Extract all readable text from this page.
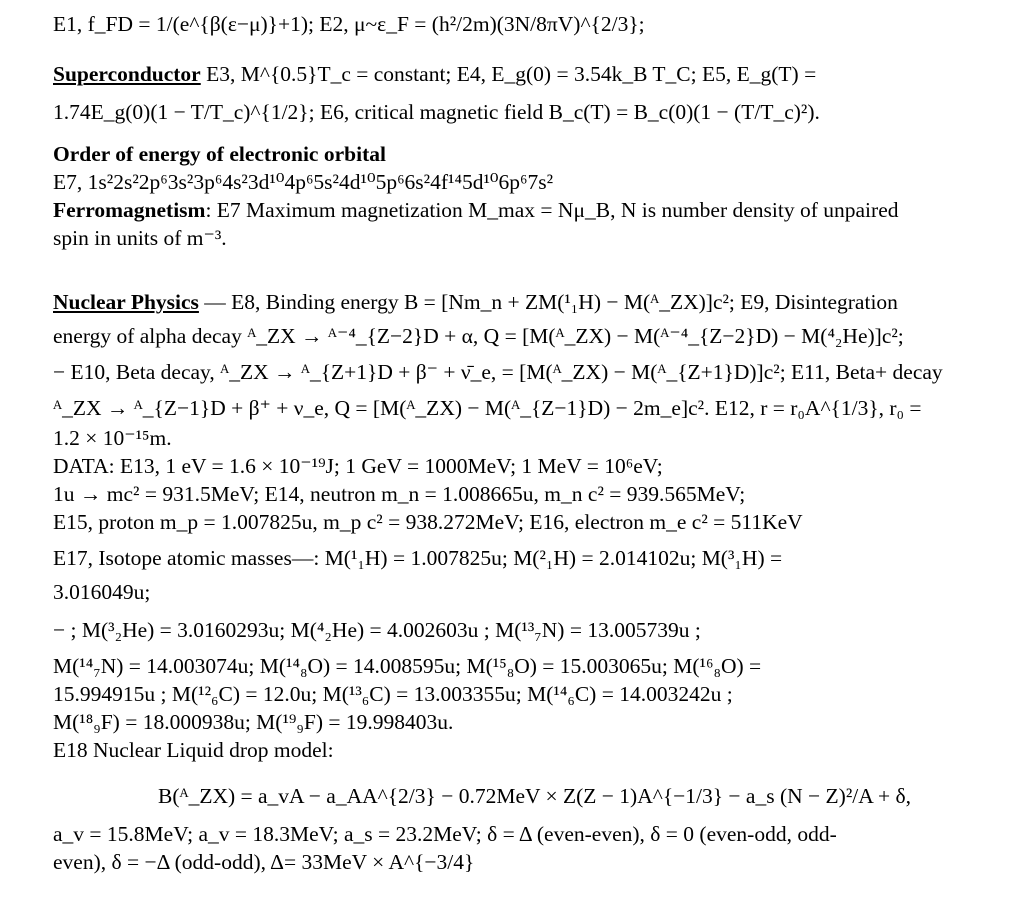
E1, f_FD = 1/(e^{β(ε−μ)}+1); E2, μ~ε_F = (h²/2m)(3N/8πV)^{2/3};
Superconductor E3, M^{0.5}T_c = constant; E4, E_g(0) = 3.54k_B T_C; E5, E_g(T) =
1.74E_g(0)(1 − T/T_c)^{1/2}; E6, critical magnetic field B_c(T) = B_c(0)(1 − (T/T_c)²).
Order of energy of electronic orbital
E7, 1s²2s²2p⁶3s²3p⁶4s²3d¹⁰4p⁶5s²4d¹⁰5p⁶6s²4f¹⁴5d¹⁰6p⁶7s²
Ferromagnetism: E7 Maximum magnetization M_max = Nμ_B, N is number density of unpaired
spin in units of m⁻³.
Nuclear Physics — E8, Binding energy B = [Nm_n + ZM(¹₁H) − M(ᴬ_ZX)]c²; E9, Disintegration
energy of alpha decay ᴬ_ZX → ᴬ⁻⁴_{Z−2}D + α, Q = [M(ᴬ_ZX) − M(ᴬ⁻⁴_{Z−2}D) − M(⁴₂He)]c²;
− E10, Beta decay, ᴬ_ZX → ᴬ_{Z+1}D + β⁻ + ν̄_e, = [M(ᴬ_ZX) − M(ᴬ_{Z+1}D)]c²; E11, Beta+ decay
ᴬ_ZX → ᴬ_{Z−1}D + β⁺ + ν_e, Q = [M(ᴬ_ZX) − M(ᴬ_{Z−1}D) − 2m_e]c². E12, r = r₀A^{1/3}, r₀ =
1.2 × 10⁻¹⁵m.
DATA: E13, 1 eV = 1.6 × 10⁻¹⁹J; 1 GeV = 1000MeV; 1 MeV = 10⁶eV;
1u → mc² = 931.5MeV; E14, neutron m_n = 1.008665u, m_n c² = 939.565MeV;
E15, proton m_p = 1.007825u, m_p c² = 938.272MeV; E16, electron m_e c² = 511KeV
E17, Isotope atomic masses—: M(¹₁H) = 1.007825u; M(²₁H) = 2.014102u; M(³₁H) =
3.016049u;
− ; M(³₂He) = 3.0160293u; M(⁴₂He) = 4.002603u ; M(¹³₇N) = 13.005739u ;
M(¹⁴₇N) = 14.003074u; M(¹⁴₈O) = 14.008595u; M(¹⁵₈O) = 15.003065u; M(¹⁶₈O) =
15.994915u ; M(¹²₆C) = 12.0u; M(¹³₆C) = 13.003355u; M(¹⁴₆C) = 14.003242u ;
M(¹⁸₉F) = 18.000938u; M(¹⁹₉F) = 19.998403u.
E18 Nuclear Liquid drop model:
B(ᴬ_ZX) = a_vA − a_AA^{2/3} − 0.72MeV × Z(Z − 1)A^{−1/3} − a_s (N − Z)²/A + δ,
a_v = 15.8MeV; a_v = 18.3MeV; a_s = 23.2MeV; δ = Δ (even-even), δ = 0 (even-odd, odd-
even), δ = −Δ (odd-odd), Δ= 33MeV × A^{−3/4}
